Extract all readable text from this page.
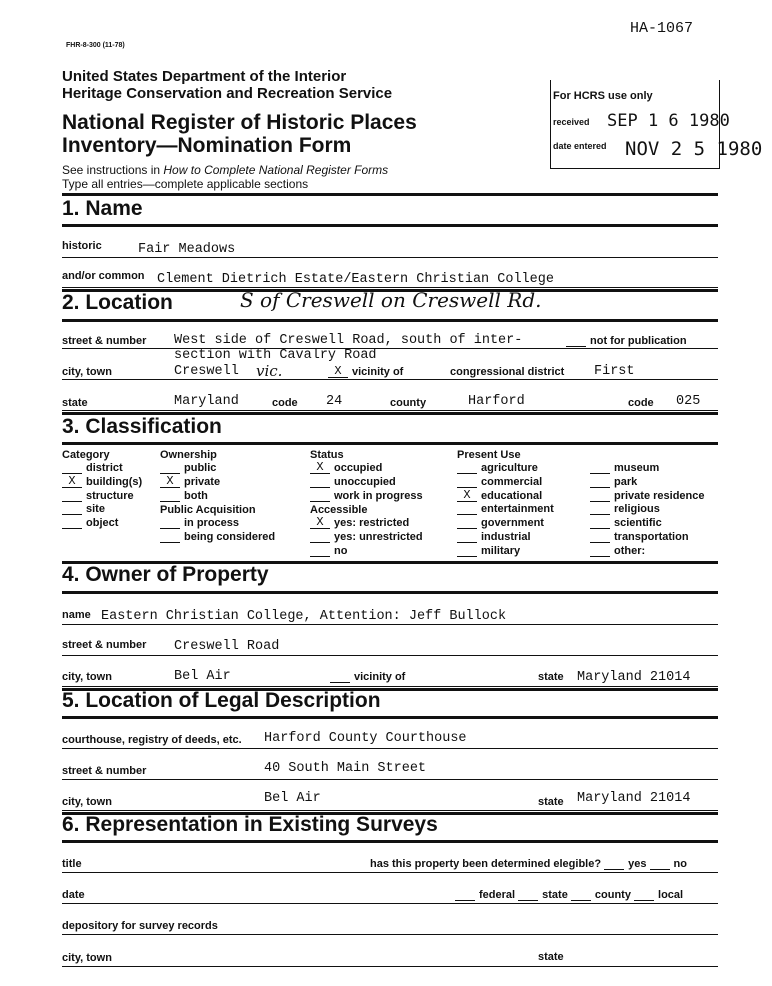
HA-1067
FHR-8-300 (11-78)
United States Department of the Interior
Heritage Conservation and Recreation Service
National Register of Historic Places
Inventory—Nomination Form
See instructions in How to Complete National Register Forms
Type all entries—complete applicable sections
For HCRS use only
received SEP 1 6 1980
date entered NOV 2 5 1980
1. Name
historic	Fair Meadows
and/or common Clement Dietrich Estate/Eastern Christian College
2. Location	S of Creswell on Creswell Rd.
street & number West side of Creswell Road, south of inter-	not for publication
section with Cavalry Road
city, town	Creswell vic.	X vicinity of	congressional district First
state	Maryland	code 24	county	Harford	code 025
3. Classification
Category
district
X building(s)
structure
site
object
Ownership
public
X private
both
Public Acquisition
in process
being considered
Status
X occupied
unoccupied
work in progress
Accessible
X yes: restricted
yes: unrestricted
no
Present Use
agriculture
commercial
X educational
entertainment
government
industrial
military
museum
park
private residence
religious
scientific
transportation
other:
4. Owner of Property
name Eastern Christian College, Attention: Jeff Bullock
street & number Creswell Road
city, town	Bel Air	vicinity of	state Maryland 21014
5. Location of Legal Description
courthouse, registry of deeds, etc. Harford County Courthouse
street & number	40 South Main Street
city, town	Bel Air	state Maryland 21014
6. Representation in Existing Surveys
title	has this property been determined elegible? yes no
date	federal state county local
depository for survey records
city, town	state
